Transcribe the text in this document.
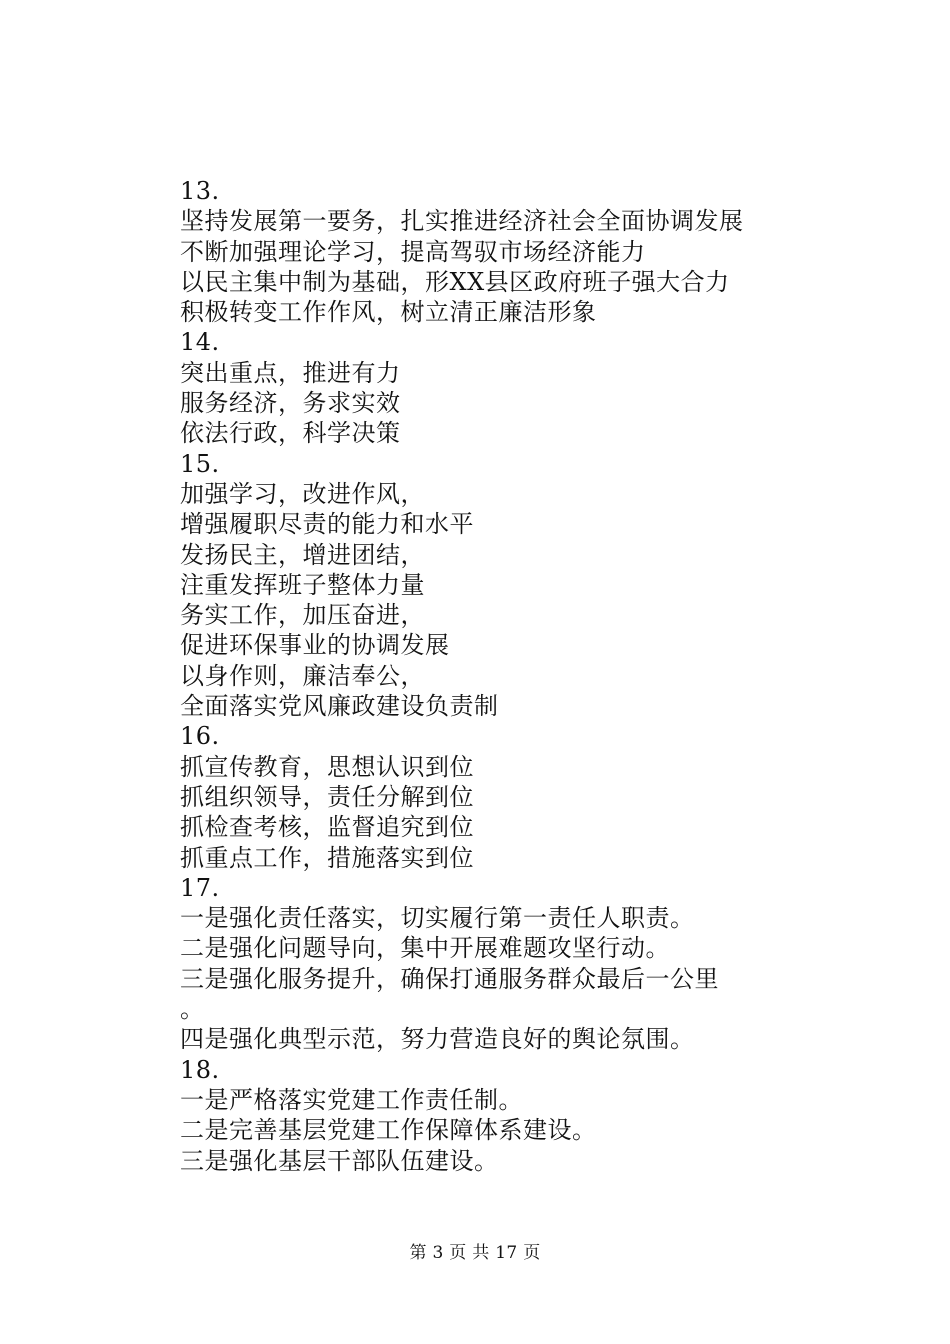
13.
坚持发展第一要务，扎实推进经济社会全面协调发展
不断加强理论学习，提高驾驭市场经济能力
以民主集中制为基础，形XX县区政府班子强大合力
积极转变工作作风，树立清正廉洁形象
14.
突出重点，推进有力
服务经济，务求实效
依法行政，科学决策
15.
加强学习，改进作风，
增强履职尽责的能力和水平
发扬民主，增进团结，
注重发挥班子整体力量
务实工作，加压奋进，
促进环保事业的协调发展
以身作则，廉洁奉公，
全面落实党风廉政建设负责制
16.
抓宣传教育，思想认识到位
抓组织领导，责任分解到位
抓检查考核，监督追究到位
抓重点工作，措施落实到位
17.
一是强化责任落实，切实履行第一责任人职责。
二是强化问题导向，集中开展难题攻坚行动。
三是强化服务提升，确保打通服务群众最后一公里
。
四是强化典型示范，努力营造良好的舆论氛围。
18.
一是严格落实党建工作责任制。
二是完善基层党建工作保障体系建设。
三是强化基层干部队伍建设。
第 3 页 共 17 页
